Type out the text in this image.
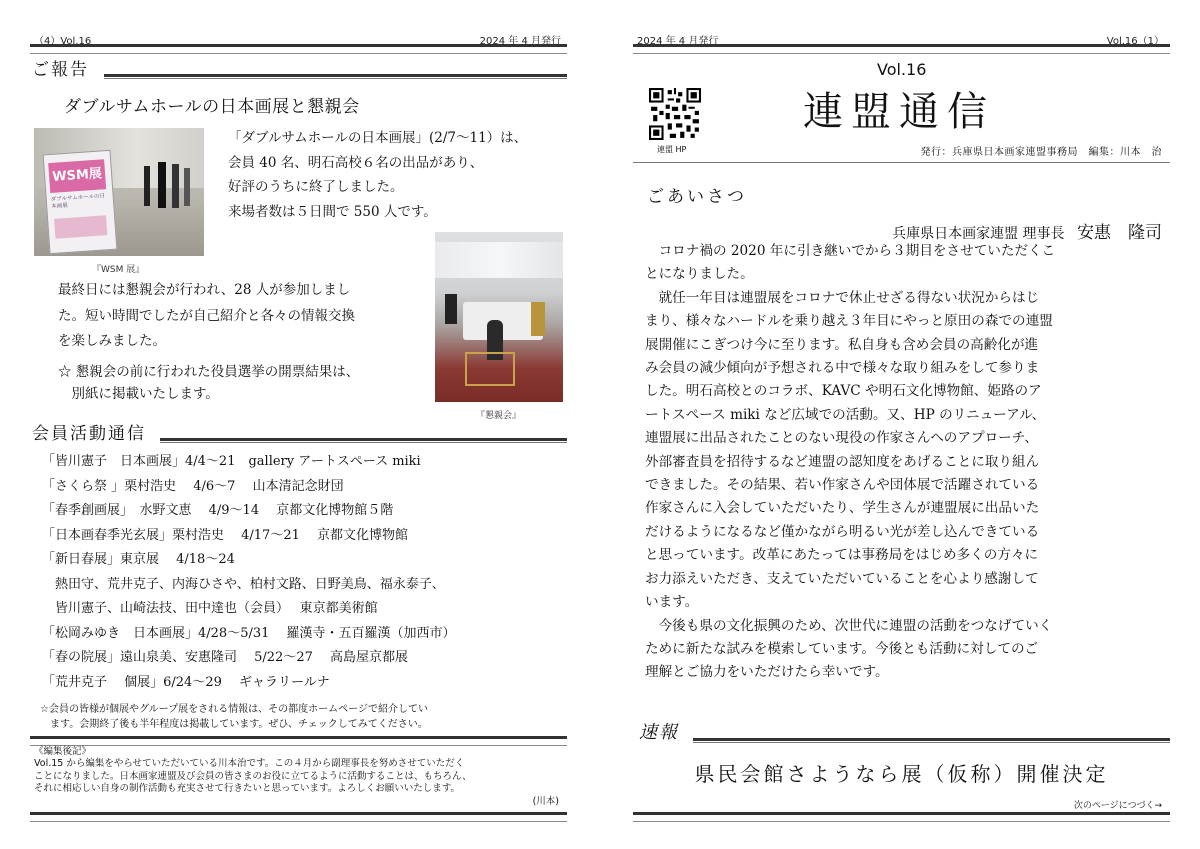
（4）Vol.16	2024 年 4 月発行
ご報告
ダブルサムホールの日本画展と懇親会
WSM展
ダブルサムホールの日本画展
『WSM 展』
「ダブルサムホールの日本画展」(2/7〜11）は、
会員 40 名、明石高校６名の出品があり、
好評のうちに終了しました。
来場者数は５日間で 550 人です。
『懇親会』
最終日には懇親会が行われ、28 人が参加しまし
た。短い時間でしたが自己紹介と各々の情報交換
を楽しみました。
☆ 懇親会の前に行われた役員選挙の開票結果は、
　別紙に掲載いたします。
会員活動通信
「皆川憲子　日本画展」4/4〜21　gallery アートスペース miki
「さくら祭 」栗村浩史　 4/6〜7　 山本清記念財団
「春季創画展」　水野文恵　 4/9〜14　 京都文化博物館５階
「日本画春季光玄展」栗村浩史　 4/17〜21　 京都文化博物館
「新日春展」東京展　 4/18〜24
　熱田守、荒井克子、内海ひさや、柏村文路、日野美鳥、福永泰子、
　皆川憲子、山崎法技、田中達也（会員）　 東京都美術館
「松岡みゆき　日本画展」4/28〜5/31　 羅漢寺・五百羅漢（加西市）
「春の院展」遠山泉美、安惠隆司　 5/22〜27　 高島屋京都展
「荒井克子　 個展」6/24〜29　 ギャラリールナ
☆会員の皆様が個展やグループ展をされる情報は、その都度ホームページで紹介してい
　ます。会期終了後も半年程度は掲載しています。ぜひ、チェックしてみてください。
《編集後記》
Vol.15 から編集をやらせていただいている川本治です。この４月から副理事長を努めさせていただく
ことになりました。日本画家連盟及び会員の皆さまのお役に立てるように活動することは、もちろん、
それに相応しい自身の制作活動も充実させて行きたいと思っています。よろしくお願いいたします。
(川本)
2024 年 4 月発行	Vol.16（1）
Vol.16
連盟 HP
連盟通信
発行：兵庫県日本画家連盟事務局　編集：川本　治
ごあいさつ
兵庫県日本画家連盟 理事長 安惠　隆司
　コロナ禍の 2020 年に引き継いでから３期目をさせていただくこ
とになりました。
　就任一年目は連盟展をコロナで休止せざる得ない状況からはじ
まり、様々なハードルを乗り越え３年目にやっと原田の森での連盟
展開催にこぎつけ今に至ります。私自身も含め会員の高齢化が進
み会員の減少傾向が予想される中で様々な取り組みをして参りま
した。明石高校とのコラボ、KAVC や明石文化博物館、姫路のア
ートスペース miki など広域での活動。又、HP のリニューアル、
連盟展に出品されたことのない現役の作家さんへのアプローチ、
外部審査員を招待するなど連盟の認知度をあげることに取り組ん
できました。その結果、若い作家さんや団体展で活躍されている
作家さんに入会していただいたり、学生さんが連盟展に出品いた
だけるようになるなど僅かながら明るい光が差し込んできている
と思っています。改革にあたっては事務局をはじめ多くの方々に
お力添えいただき、支えていただいていることを心より感謝して
います。
　今後も県の文化振興のため、次世代に連盟の活動をつなげていく
ために新たな試みを模索しています。今後とも活動に対してのご
理解とご協力をいただけたら幸いです。
速報
県民会館さようなら展（仮称）開催決定
次のページにつづく→
